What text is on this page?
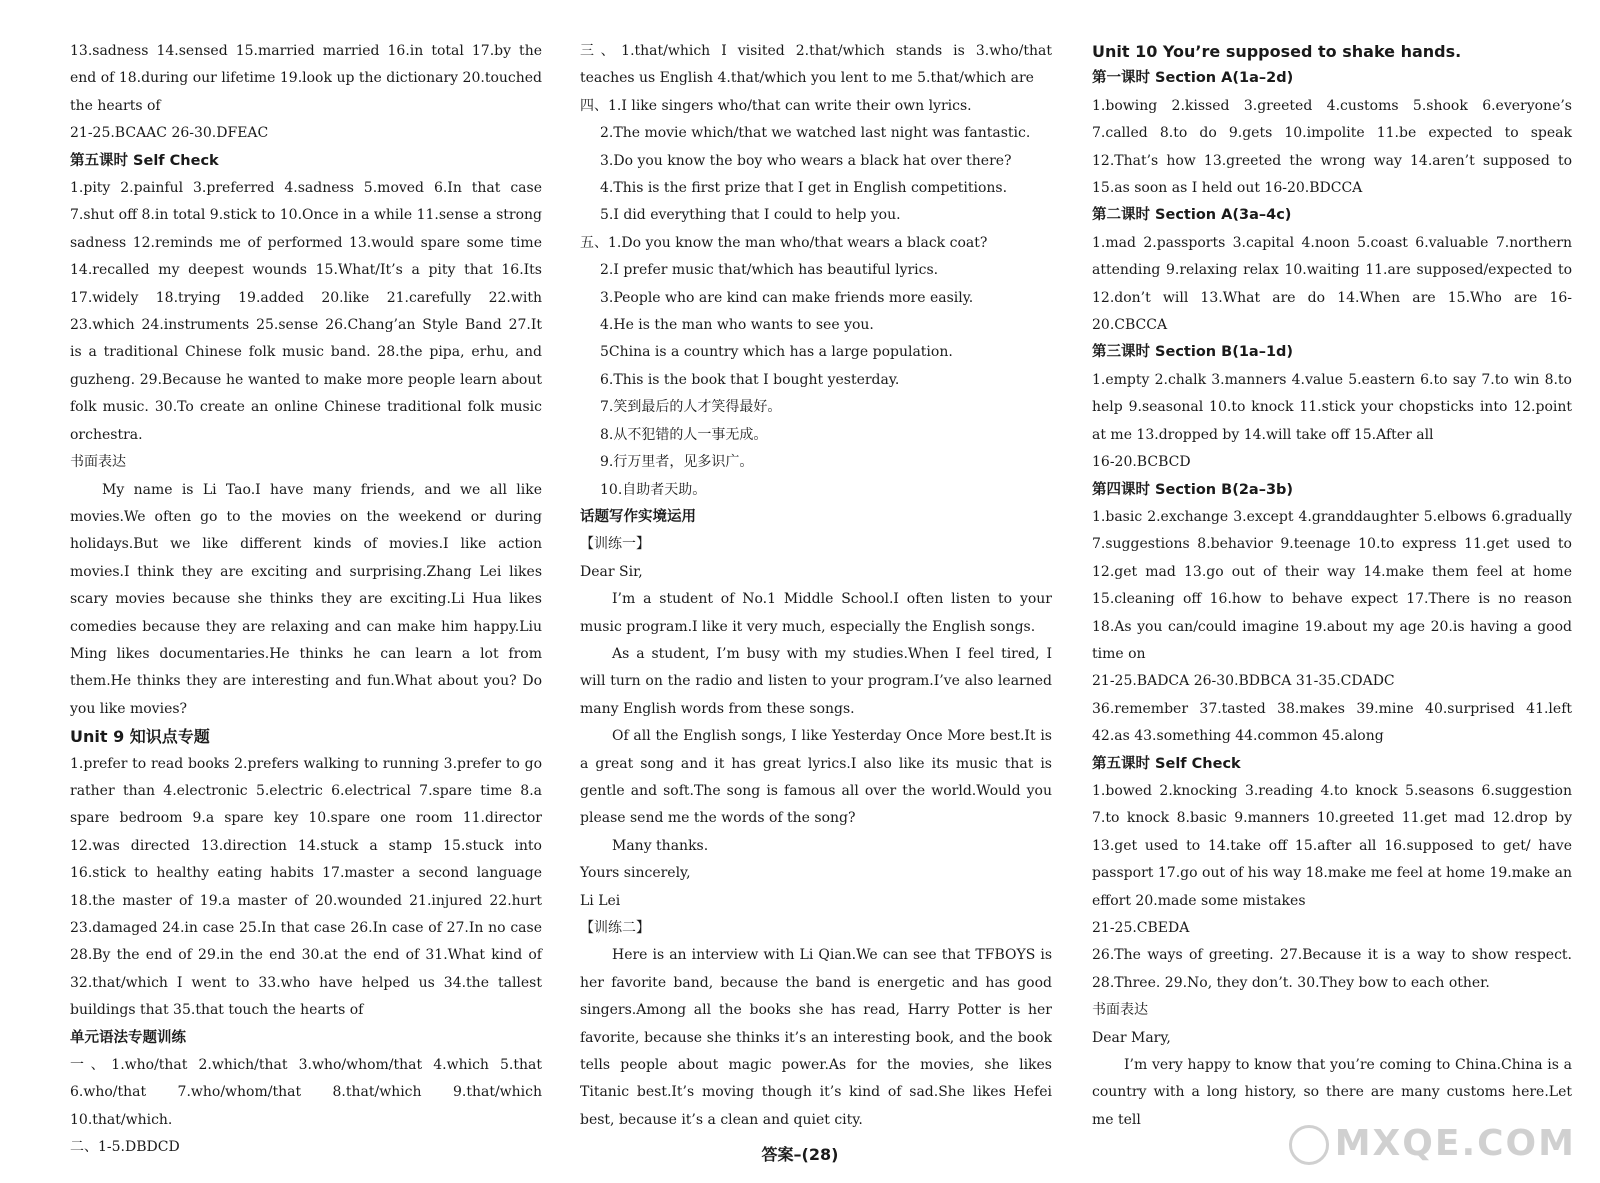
13.sadness 14.sensed 15.married married 16.in total 17.by the end of 18.during our lifetime 19.look up the dictionary 20.touched the hearts of

21-25.BCAAC 26-30.DFEAC

第五课时 Self Check

1.pity 2.painful 3.preferred 4.sadness 5.moved 6.In that case 7.shut off 8.in total 9.stick to 10.Once in a while 11.sense a strong sadness 12.reminds me of performed 13.would spare some time 14.recalled my deepest wounds 15.What/It’s a pity that 16.Its 17.widely 18.trying 19.added 20.like 21.carefully 22.with 23.which 24.instruments 25.sense 26.Chang’an Style Band 27.It is a traditional Chinese folk music band. 28.the pipa, erhu, and guzheng. 29.Because he wanted to make more people learn about folk music. 30.To create an online Chinese traditional folk music orchestra.

书面表达

My name is Li Tao.I have many friends, and we all like movies.We often go to the movies on the weekend or during holidays.But we like different kinds of movies.I like action movies.I think they are exciting and surprising.Zhang Lei likes scary movies because she thinks they are exciting.Li Hua likes comedies because they are relaxing and can make him happy.Liu Ming likes documentaries.He thinks he can learn a lot from them.He thinks they are interesting and fun.What about you? Do you like movies?

Unit 9 知识点专题

1.prefer to read books 2.prefers walking to running 3.prefer to go rather than 4.electronic 5.electric 6.electrical 7.spare time 8.a spare bedroom 9.a spare key 10.spare one room 11.director 12.was directed 13.direction 14.stuck a stamp 15.stuck into 16.stick to healthy eating habits 17.master a second language 18.the master of 19.a master of 20.wounded 21.injured 22.hurt 23.damaged 24.in case 25.In that case 26.In case of 27.In no case 28.By the end of 29.in the end 30.at the end of 31.What kind of 32.that/which I went to 33.who have helped us 34.the tallest buildings that 35.that touch the hearts of

单元语法专题训练

一、1.who/that 2.which/that 3.who/whom/that 4.which 5.that 6.who/that 7.who/whom/that 8.that/which 9.that/which 10.that/which.

二、1-5.DBDCD

三、1.that/which I visited 2.that/which stands is 3.who/that teaches us English 4.that/which you lent to me 5.that/which are

四、1.I like singers who/that can write their own lyrics.

2.The movie which/that we watched last night was fantastic.

3.Do you know the boy who wears a black hat over there?

4.This is the first prize that I get in English competitions.

5.I did everything that I could to help you.

五、1.Do you know the man who/that wears a black coat?

2.I prefer music that/which has beautiful lyrics.

3.People who are kind can make friends more easily.

4.He is the man who wants to see you.

5China is a country which has a large population.

6.This is the book that I bought yesterday.

7.笑到最后的人才笑得最好。

8.从不犯错的人一事无成。

9.行万里者，见多识广。

10.自助者天助。

话题写作实境运用

【训练一】

Dear Sir,

I’m a student of No.1 Middle School.I often listen to your music program.I like it very much, especially the English songs.

As a student, I’m busy with my studies.When I feel tired, I will turn on the radio and listen to your program.I’ve also learned many English words from these songs.

Of all the English songs, I like Yesterday Once More best.It is a great song and it has great lyrics.I also like its music that is gentle and soft.The song is famous all over the world.Would you please send me the words of the song?

Many thanks.

Yours sincerely,

Li Lei

【训练二】

Here is an interview with Li Qian.We can see that TFBOYS is her favorite band, because the band is energetic and has good singers.Among all the books she has read, Harry Potter is her favorite, because she thinks it’s an interesting book, and the book tells people about magic power.As for the movies, she likes Titanic best.It’s moving though it’s kind of sad.She likes Hefei best, because it’s a clean and quiet city.

Unit 10 You’re supposed to shake hands.

第一课时 Section A(1a–2d)

1.bowing 2.kissed 3.greeted 4.customs 5.shook 6.everyone’s 7.called 8.to do 9.gets 10.impolite 11.be expected to speak 12.That’s how 13.greeted the wrong way 14.aren’t supposed to 15.as soon as I held out 16-20.BDCCA

第二课时 Section A(3a–4c)

1.mad 2.passports 3.capital 4.noon 5.coast 6.valuable 7.northern attending 9.relaxing relax 10.waiting 11.are supposed/expected to 12.don’t will 13.What are do 14.When are 15.Who are 16-20.CBCCA

第三课时 Section B(1a–1d)

1.empty 2.chalk 3.manners 4.value 5.eastern 6.to say 7.to win 8.to help 9.seasonal 10.to knock 11.stick your chopsticks into 12.point at me 13.dropped by 14.will take off 15.After all

16-20.BCBCD

第四课时 Section B(2a–3b)

1.basic 2.exchange 3.except 4.granddaughter 5.elbows 6.gradually 7.suggestions 8.behavior 9.teenage 10.to express 11.get used to 12.get mad 13.go out of their way 14.make them feel at home 15.cleaning off 16.how to behave expect 17.There is no reason 18.As you can/could imagine 19.about my age 20.is having a good time on

21-25.BADCA 26-30.BDBCA 31-35.CDADC

36.remember 37.tasted 38.makes 39.mine 40.surprised 41.left 42.as 43.something 44.common 45.along

第五课时 Self Check

1.bowed 2.knocking 3.reading 4.to knock 5.seasons 6.suggestion 7.to knock 8.basic 9.manners 10.greeted 11.get mad 12.drop by 13.get used to 14.take off 15.after all 16.supposed to get/ have passport 17.go out of his way 18.make me feel at home 19.make an effort 20.made some mistakes

21-25.CBEDA

26.The ways of greeting. 27.Because it is a way to show respect. 28.Three. 29.No, they don’t. 30.They bow to each other.

书面表达

Dear Mary,

I’m very happy to know that you’re coming to China.China is a country with a long history, so there are many customs here.Let me tell

答案–(28)	MXQE.COM
